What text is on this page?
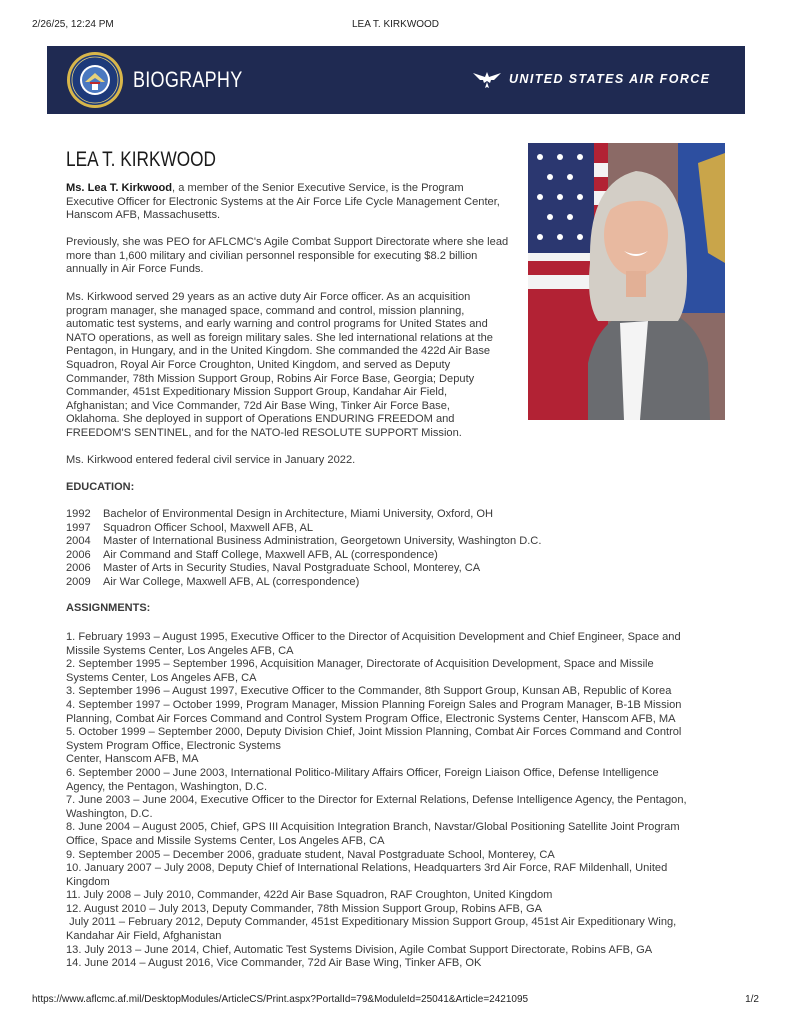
2/26/25, 12:24 PM	LEA T. KIRKWOOD
BIOGRAPHY	UNITED STATES AIR FORCE
LEA T. KIRKWOOD

Ms. Lea T. Kirkwood, a member of the Senior Executive Service, is the Program Executive Officer for Electronic Systems at the Air Force Life Cycle Management Center, Hanscom AFB, Massachusetts.

Previously, she was PEO for AFLCMC's Agile Combat Support Directorate where she lead more than 1,600 military and civilian personnel responsible for executing $8.2 billion annually in Air Force Funds.

Ms. Kirkwood served 29 years as an active duty Air Force officer. As an acquisition program manager, she managed space, command and control, mission planning, automatic test systems, and early warning and control programs for United States and NATO operations, as well as foreign military sales. She led international relations at the Pentagon, in Hungary, and in the United Kingdom. She commanded the 422d Air Base Squadron, Royal Air Force Croughton, United Kingdom, and served as Deputy Commander, 78th Mission Support Group, Robins Air Force Base, Georgia; Deputy Commander, 451st Expeditionary Mission Support Group, Kandahar Air Field, Afghanistan; and Vice Commander, 72d Air Base Wing, Tinker Air Force Base, Oklahoma. She deployed in support of Operations ENDURING FREEDOM and FREEDOM'S SENTINEL, and for the NATO-led RESOLUTE SUPPORT Mission.

Ms. Kirkwood entered federal civil service in January 2022.

EDUCATION:
1992	Bachelor of Environmental Design in Architecture, Miami University, Oxford, OH
1997	Squadron Officer School, Maxwell AFB, AL
2004	Master of International Business Administration, Georgetown University, Washington D.C.
2006	Air Command and Staff College, Maxwell AFB, AL (correspondence)
2006	Master of Arts in Security Studies, Naval Postgraduate School, Monterey, CA
2009	Air War College, Maxwell AFB, AL (correspondence)
ASSIGNMENTS:
1. February 1993 – August 1995, Executive Officer to the Director of Acquisition Development and Chief Engineer, Space and
Missile Systems Center, Los Angeles AFB, CA
2. September 1995 – September 1996, Acquisition Manager, Directorate of Acquisition Development, Space and Missile
Systems Center, Los Angeles AFB, CA
3. September 1996 – August 1997, Executive Officer to the Commander, 8th Support Group, Kunsan AB, Republic of Korea
4. September 1997 – October 1999, Program Manager, Mission Planning Foreign Sales and Program Manager, B-1B Mission
Planning, Combat Air Forces Command and Control System Program Office, Electronic Systems Center, Hanscom AFB, MA
5. October 1999 – September 2000, Deputy Division Chief, Joint Mission Planning, Combat Air Forces Command and Control
System Program Office, Electronic Systems
Center, Hanscom AFB, MA
6. September 2000 – June 2003, International Politico-Military Affairs Officer, Foreign Liaison Office, Defense Intelligence
Agency, the Pentagon, Washington, D.C.
7. June 2003 – June 2004, Executive Officer to the Director for External Relations, Defense Intelligence Agency, the Pentagon,
Washington, D.C.
8. June 2004 – August 2005, Chief, GPS III Acquisition Integration Branch, Navstar/Global Positioning Satellite Joint Program
Office, Space and Missile Systems Center, Los Angeles AFB, CA
9. September 2005 – December 2006, graduate student, Naval Postgraduate School, Monterey, CA
10. January 2007 – July 2008, Deputy Chief of International Relations, Headquarters 3rd Air Force, RAF Mildenhall, United
Kingdom
11. July 2008 – July 2010, Commander, 422d Air Base Squadron, RAF Croughton, United Kingdom
12. August 2010 – July 2013, Deputy Commander, 78th Mission Support Group, Robins AFB, GA
July 2011 – February 2012, Deputy Commander, 451st Expeditionary Mission Support Group, 451st Air Expeditionary Wing,
Kandahar Air Field, Afghanistan
13. July 2013 – June 2014, Chief, Automatic Test Systems Division, Agile Combat Support Directorate, Robins AFB, GA
14. June 2014 – August 2016, Vice Commander, 72d Air Base Wing, Tinker AFB, OK
https://www.aflcmc.af.mil/DesktopModules/ArticleCS/Print.aspx?PortalId=79&ModuleId=25041&Article=2421095	1/2
